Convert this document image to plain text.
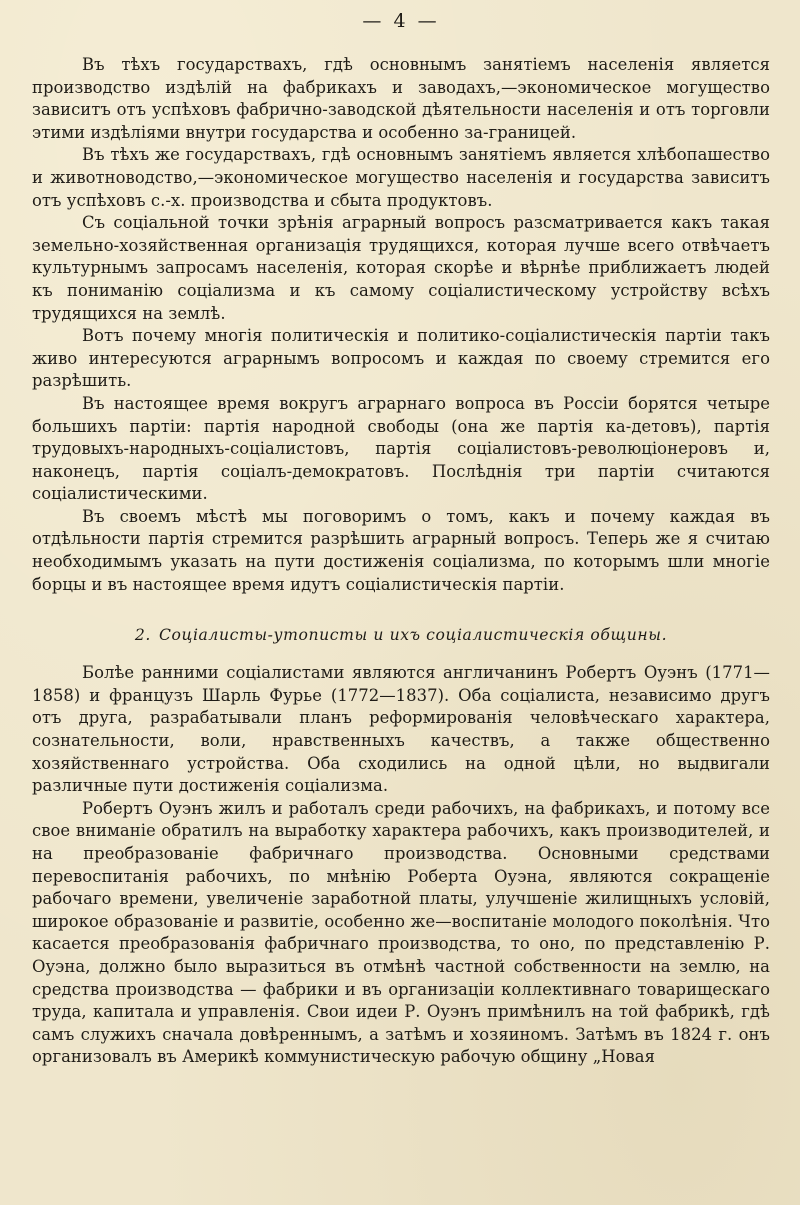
— 4 —

Въ тѣхъ государствахъ, гдѣ основнымъ занятіемъ населенія является производство издѣлій на фабрикахъ и заводахъ,—экономическое могущество зависитъ отъ успѣховъ фабрично-заводской дѣятельности населенія и отъ торговли этими издѣліями внутри государства и особенно за-границей.

Въ тѣхъ же государствахъ, гдѣ основнымъ занятіемъ является хлѣбопашество и животноводство,—экономическое могущество населенія и государства зависитъ отъ успѣховъ с.-х. производства и сбыта продуктовъ.

Съ соціальной точки зрѣнія аграрный вопросъ разсматривается какъ такая земельно-хозяйственная организація трудящихся, которая лучше всего отвѣчаетъ культурнымъ запросамъ населенія, которая скорѣе и вѣрнѣе приближаетъ людей къ пониманію соціализма и къ самому соціалистическому устройству всѣхъ трудящихся на землѣ.

Вотъ почему многія политическія и политико-соціалистическія партіи такъ живо интересуются аграрнымъ вопросомъ и каждая по своему стремится его разрѣшить.

Въ настоящее время вокругъ аграрнаго вопроса въ Россіи борятся четыре большихъ партіи: партія народной свободы (она же партія ка-детовъ), партія трудовыхъ-народныхъ-соціалистовъ, партія соціалистовъ-революціонеровъ и, наконецъ, партія соціалъ-демократовъ. Послѣднія три партіи считаются соціалистическими.

Въ своемъ мѣстѣ мы поговоримъ о томъ, какъ и почему каждая въ отдѣльности партія стремится разрѣшить аграрный вопросъ. Теперь же я считаю необходимымъ указать на пути достиженія соціализма, по которымъ шли многіе борцы и въ настоящее время идутъ соціалистическія партіи.

2. Соціалисты-утописты и ихъ соціалистическія общины.

Болѣе ранними соціалистами являются англичанинъ Робертъ Оуэнъ (1771—1858) и французъ Шарль Фурье (1772—1837). Оба соціалиста, независимо другъ отъ друга, разрабатывали планъ реформированія человѣческаго характера, сознательности, воли, нравственныхъ качествъ, а также общественно хозяйственнаго устройства. Оба сходились на одной цѣли, но выдвигали различные пути достиженія соціализма.

Робертъ Оуэнъ жилъ и работалъ среди рабочихъ, на фабрикахъ, и потому все свое вниманіе обратилъ на выработку характера рабочихъ, какъ производителей, и на преобразованіе фабричнаго производства. Основными средствами перевоспитанія рабочихъ, по мнѣнію Роберта Оуэна, являются сокращеніе рабочаго времени, увеличеніе заработной платы, улучшеніе жилищныхъ условій, широкое образованіе и развитіе, особенно же—воспитаніе молодого поколѣнія. Что касается преобразованія фабричнаго производства, то оно, по представленію Р. Оуэна, должно было выразиться въ отмѣнѣ частной собственности на землю, на средства производства — фабрики и въ организаціи коллективнаго товарищескаго труда, капитала и управленія. Свои идеи Р. Оуэнъ примѣнилъ на той фабрикѣ, гдѣ самъ служихъ сначала довѣреннымъ, а затѣмъ и хозяиномъ. Затѣмъ въ 1824 г. онъ организовалъ въ Америкѣ коммунистическую рабочую общину „Новая
